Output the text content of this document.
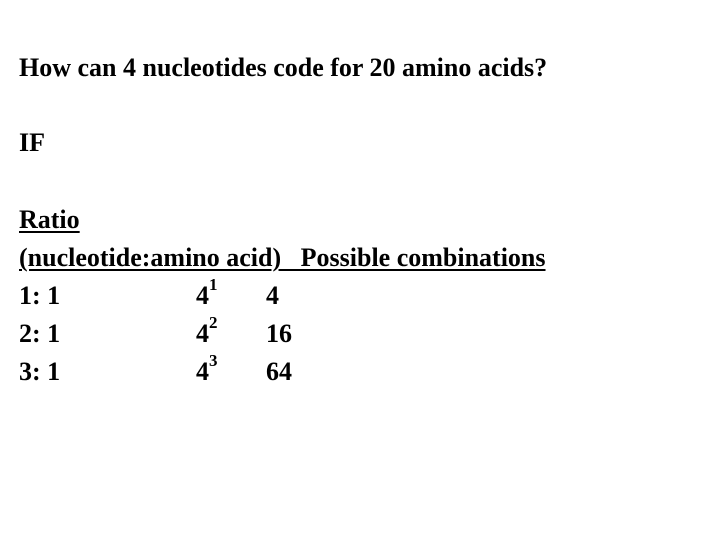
How can 4 nucleotides code for 20 amino acids?
IF
Ratio
(nucleotide:amino acid)   Possible combinations
1: 1	$4^1$ 4
2: 1	$4^2$ 16
3: 1	$4^3$ 64
